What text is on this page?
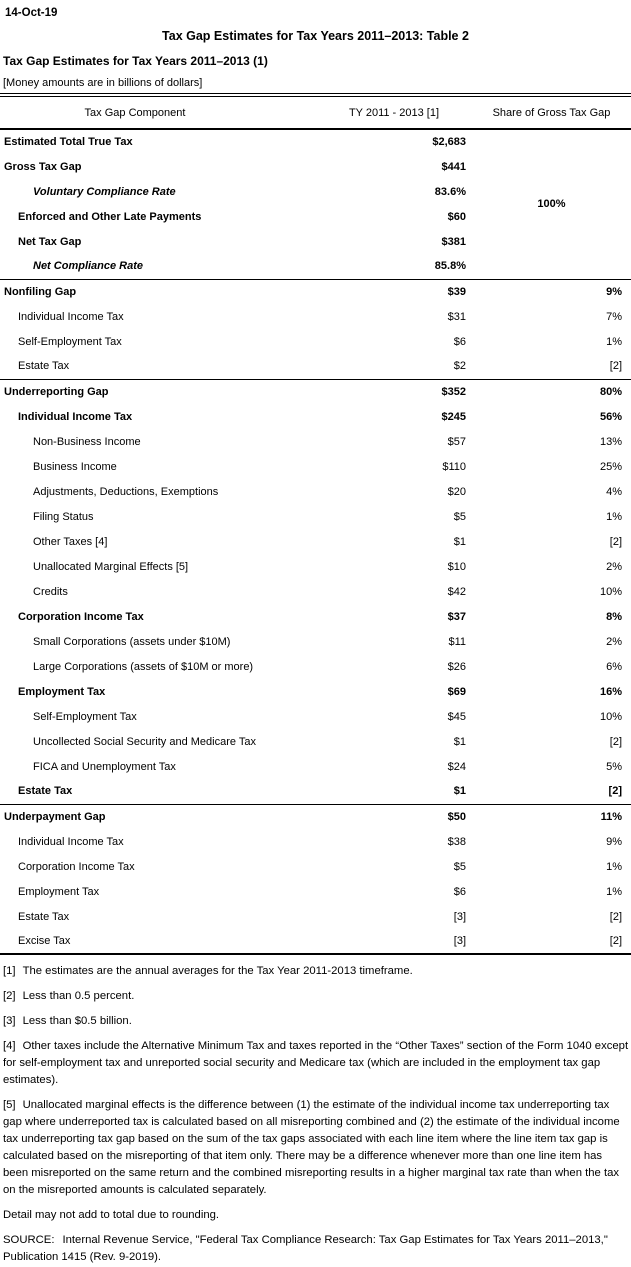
14-Oct-19
Tax Gap Estimates for Tax Years 2011–2013: Table 2
Tax Gap Estimates for Tax Years 2011–2013 (1)
[Money amounts are in billions of dollars]
Tax Gap Component	TY 2011 - 2013 [1]	Share of Gross Tax Gap
Estimated Total True Tax	$2,683	100%
Gross Tax Gap	$441	
Voluntary Compliance Rate	83.6%	
Enforced and Other Late Payments	$60	
Net Tax Gap	$381	
Net Compliance Rate	85.8%	
Nonfiling Gap	$39	9%
Individual Income Tax	$31	7%
Self-Employment Tax	$6	1%
Estate Tax	$2	[2]
Underreporting Gap	$352	80%
Individual Income Tax	$245	56%
Non-Business Income	$57	13%
Business Income	$110	25%
Adjustments, Deductions, Exemptions	$20	4%
Filing Status	$5	1%
Other Taxes [4]	$1	[2]
Unallocated Marginal Effects [5]	$10	2%
Credits	$42	10%
Corporation Income Tax	$37	8%
Small Corporations (assets under $10M)	$11	2%
Large Corporations (assets of $10M or more)	$26	6%
Employment Tax	$69	16%
Self-Employment Tax	$45	10%
Uncollected Social Security and Medicare Tax	$1	[2]
FICA and Unemployment Tax	$24	5%
Estate Tax	$1	[2]
Underpayment Gap	$50	11%
Individual Income Tax	$38	9%
Corporation Income Tax	$5	1%
Employment Tax	$6	1%
Estate Tax	[3]	[2]
Excise Tax	[3]	[2]

[1] The estimates are the annual averages for the Tax Year 2011-2013 timeframe.

[2] Less than 0.5 percent.

[3] Less than $0.5 billion.

[4] Other taxes include the Alternative Minimum Tax and taxes reported in the “Other Taxes” section of the Form 1040 except for self-employment tax and unreported social security and Medicare tax (which are included in the employment tax gap estimates).

[5] Unallocated marginal effects is the difference between (1) the estimate of the individual income tax underreporting tax gap where underreported tax is calculated based on all misreporting combined and (2) the estimate of the individual income tax underreporting tax gap based on the sum of the tax gaps associated with each line item where the line item tax gap is calculated based on the misreporting of that item only. There may be a difference whenever more than one line item has been misreported on the same return and the combined misreporting results in a higher marginal tax rate than when the tax on the misreported amounts is calculated separately.

Detail may not add to total due to rounding.

SOURCE: Internal Revenue Service, "Federal Tax Compliance Research: Tax Gap Estimates for Tax Years 2011–2013," Publication 1415 (Rev. 9-2019).
